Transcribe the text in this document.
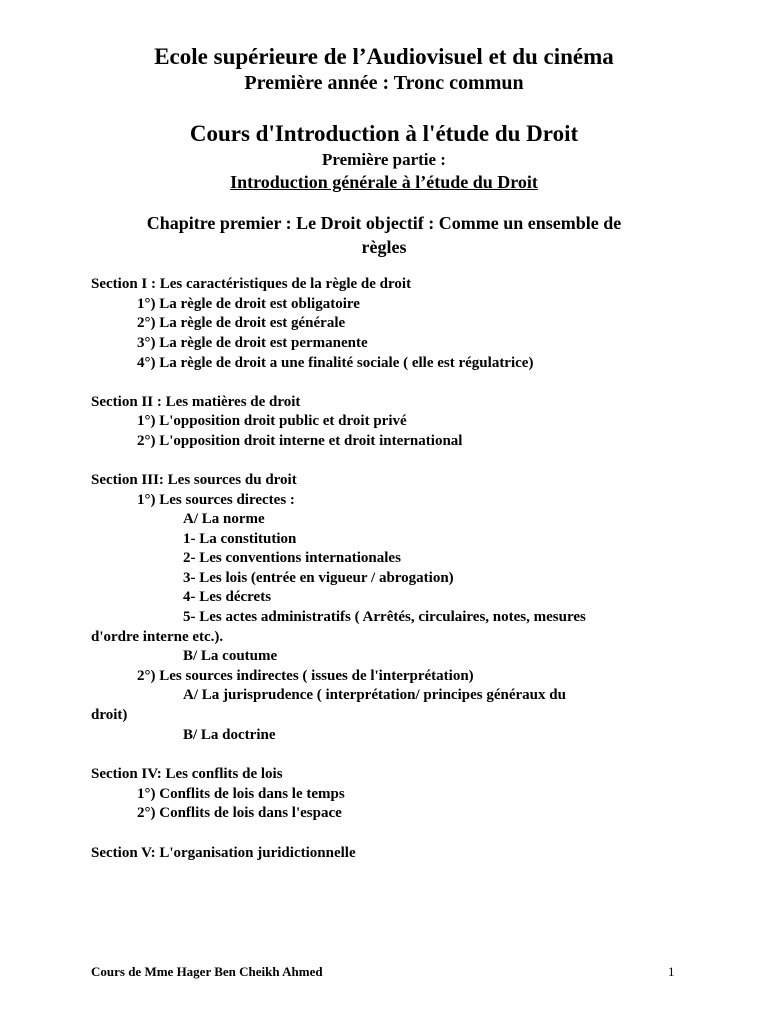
Ecole supérieure de l’Audiovisuel et du cinéma
Première année : Tronc commun
Cours d'Introduction à l'étude du Droit
Première partie :
Introduction générale à l’étude du Droit
Chapitre premier : Le Droit objectif : Comme un ensemble de
règles
Section I : Les caractéristiques de la règle de droit
1°) La règle de droit est obligatoire
2°) La règle de droit est générale
3°) La règle de droit est permanente
4°) La règle de droit a une finalité sociale ( elle est régulatrice)
Section II : Les matières de droit
1°) L'opposition droit public et droit privé
2°) L'opposition droit interne et droit international
Section III: Les sources du droit
1°) Les sources directes :
A/ La norme
1- La constitution
2- Les conventions internationales
3- Les lois (entrée en vigueur / abrogation)
4- Les décrets
5- Les actes administratifs ( Arrêtés, circulaires, notes, mesures
d'ordre interne etc.).
B/ La coutume
2°) Les sources indirectes ( issues de l'interprétation)
A/ La jurisprudence ( interprétation/ principes généraux du
droit)
B/ La doctrine
Section IV: Les conflits de lois
1°) Conflits de lois dans le temps
2°) Conflits de lois dans l'espace
Section V: L'organisation juridictionnelle
Cours de Mme Hager Ben Cheikh Ahmed	1
